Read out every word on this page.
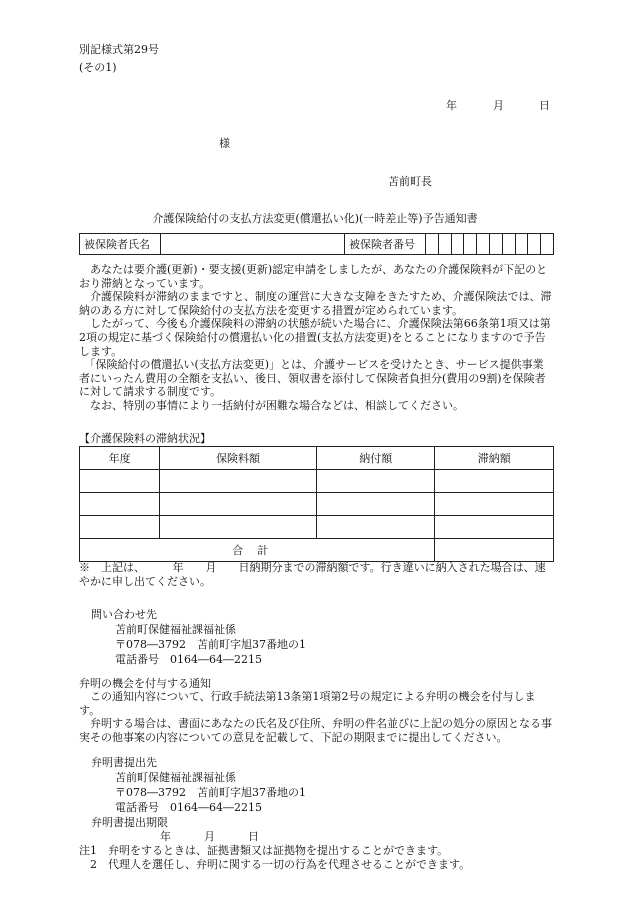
別記様式第29号
(その1)
年	月	日
様
苫前町長
介護保険給付の支払方法変更(償還払い化)(一時差止等)予告通知書
被保険者氏名		被保険者番号	
　あなたは要介護(更新)・要支援(更新)認定申請をしましたが、あなたの介護保険料が下記のとおり滞納となっています。
　介護保険料が滞納のままですと、制度の運営に大きな支障をきたすため、介護保険法では、滞納のある方に対して保険給付の支払方法を変更する措置が定められています。
　したがって、今後も介護保険料の滞納の状態が続いた場合に、介護保険法第66条第1項又は第2項の規定に基づく保険給付の償還払い化の措置(支払方法変更)をとることになりますので予告します。
　「保険給付の償還払い(支払方法変更)」とは、介護サービスを受けたとき、サービス提供事業者にいったん費用の全額を支払い、後日、領収書を添付して保険者負担分(費用の9割)を保険者に対して請求する制度です。
　なお、特別の事情により一括納付が困難な場合などは、相談してください。
【介護保険料の滞納状況】
年度	保険料額	納付額	滞納額

合計			
※　上記は、　　　年　　月　　日納期分までの滞納額です。行き違いに納入された場合は、速やかに申し出てください。
問い合わせ先
苫前町保健福祉課福祉係
〒078―3792　苫前町字旭37番地の1
電話番号　0164―64―2215
弁明の機会を付与する通知
　この通知内容について、行政手続法第13条第1項第2号の規定による弁明の機会を付与します。
　弁明する場合は、書面にあなたの氏名及び住所、弁明の件名並びに上記の処分の原因となる事実その他事案の内容についての意見を記載して、下記の期限までに提出してください。
弁明書提出先
苫前町保健福祉課福祉係
〒078―3792　苫前町字旭37番地の1
電話番号　0164―64―2215
弁明書提出期限
年　　　月　　　日
注1　弁明をするときは、証拠書類又は証拠物を提出することができます。
　2　代理人を選任し、弁明に関する一切の行為を代理させることができます。
